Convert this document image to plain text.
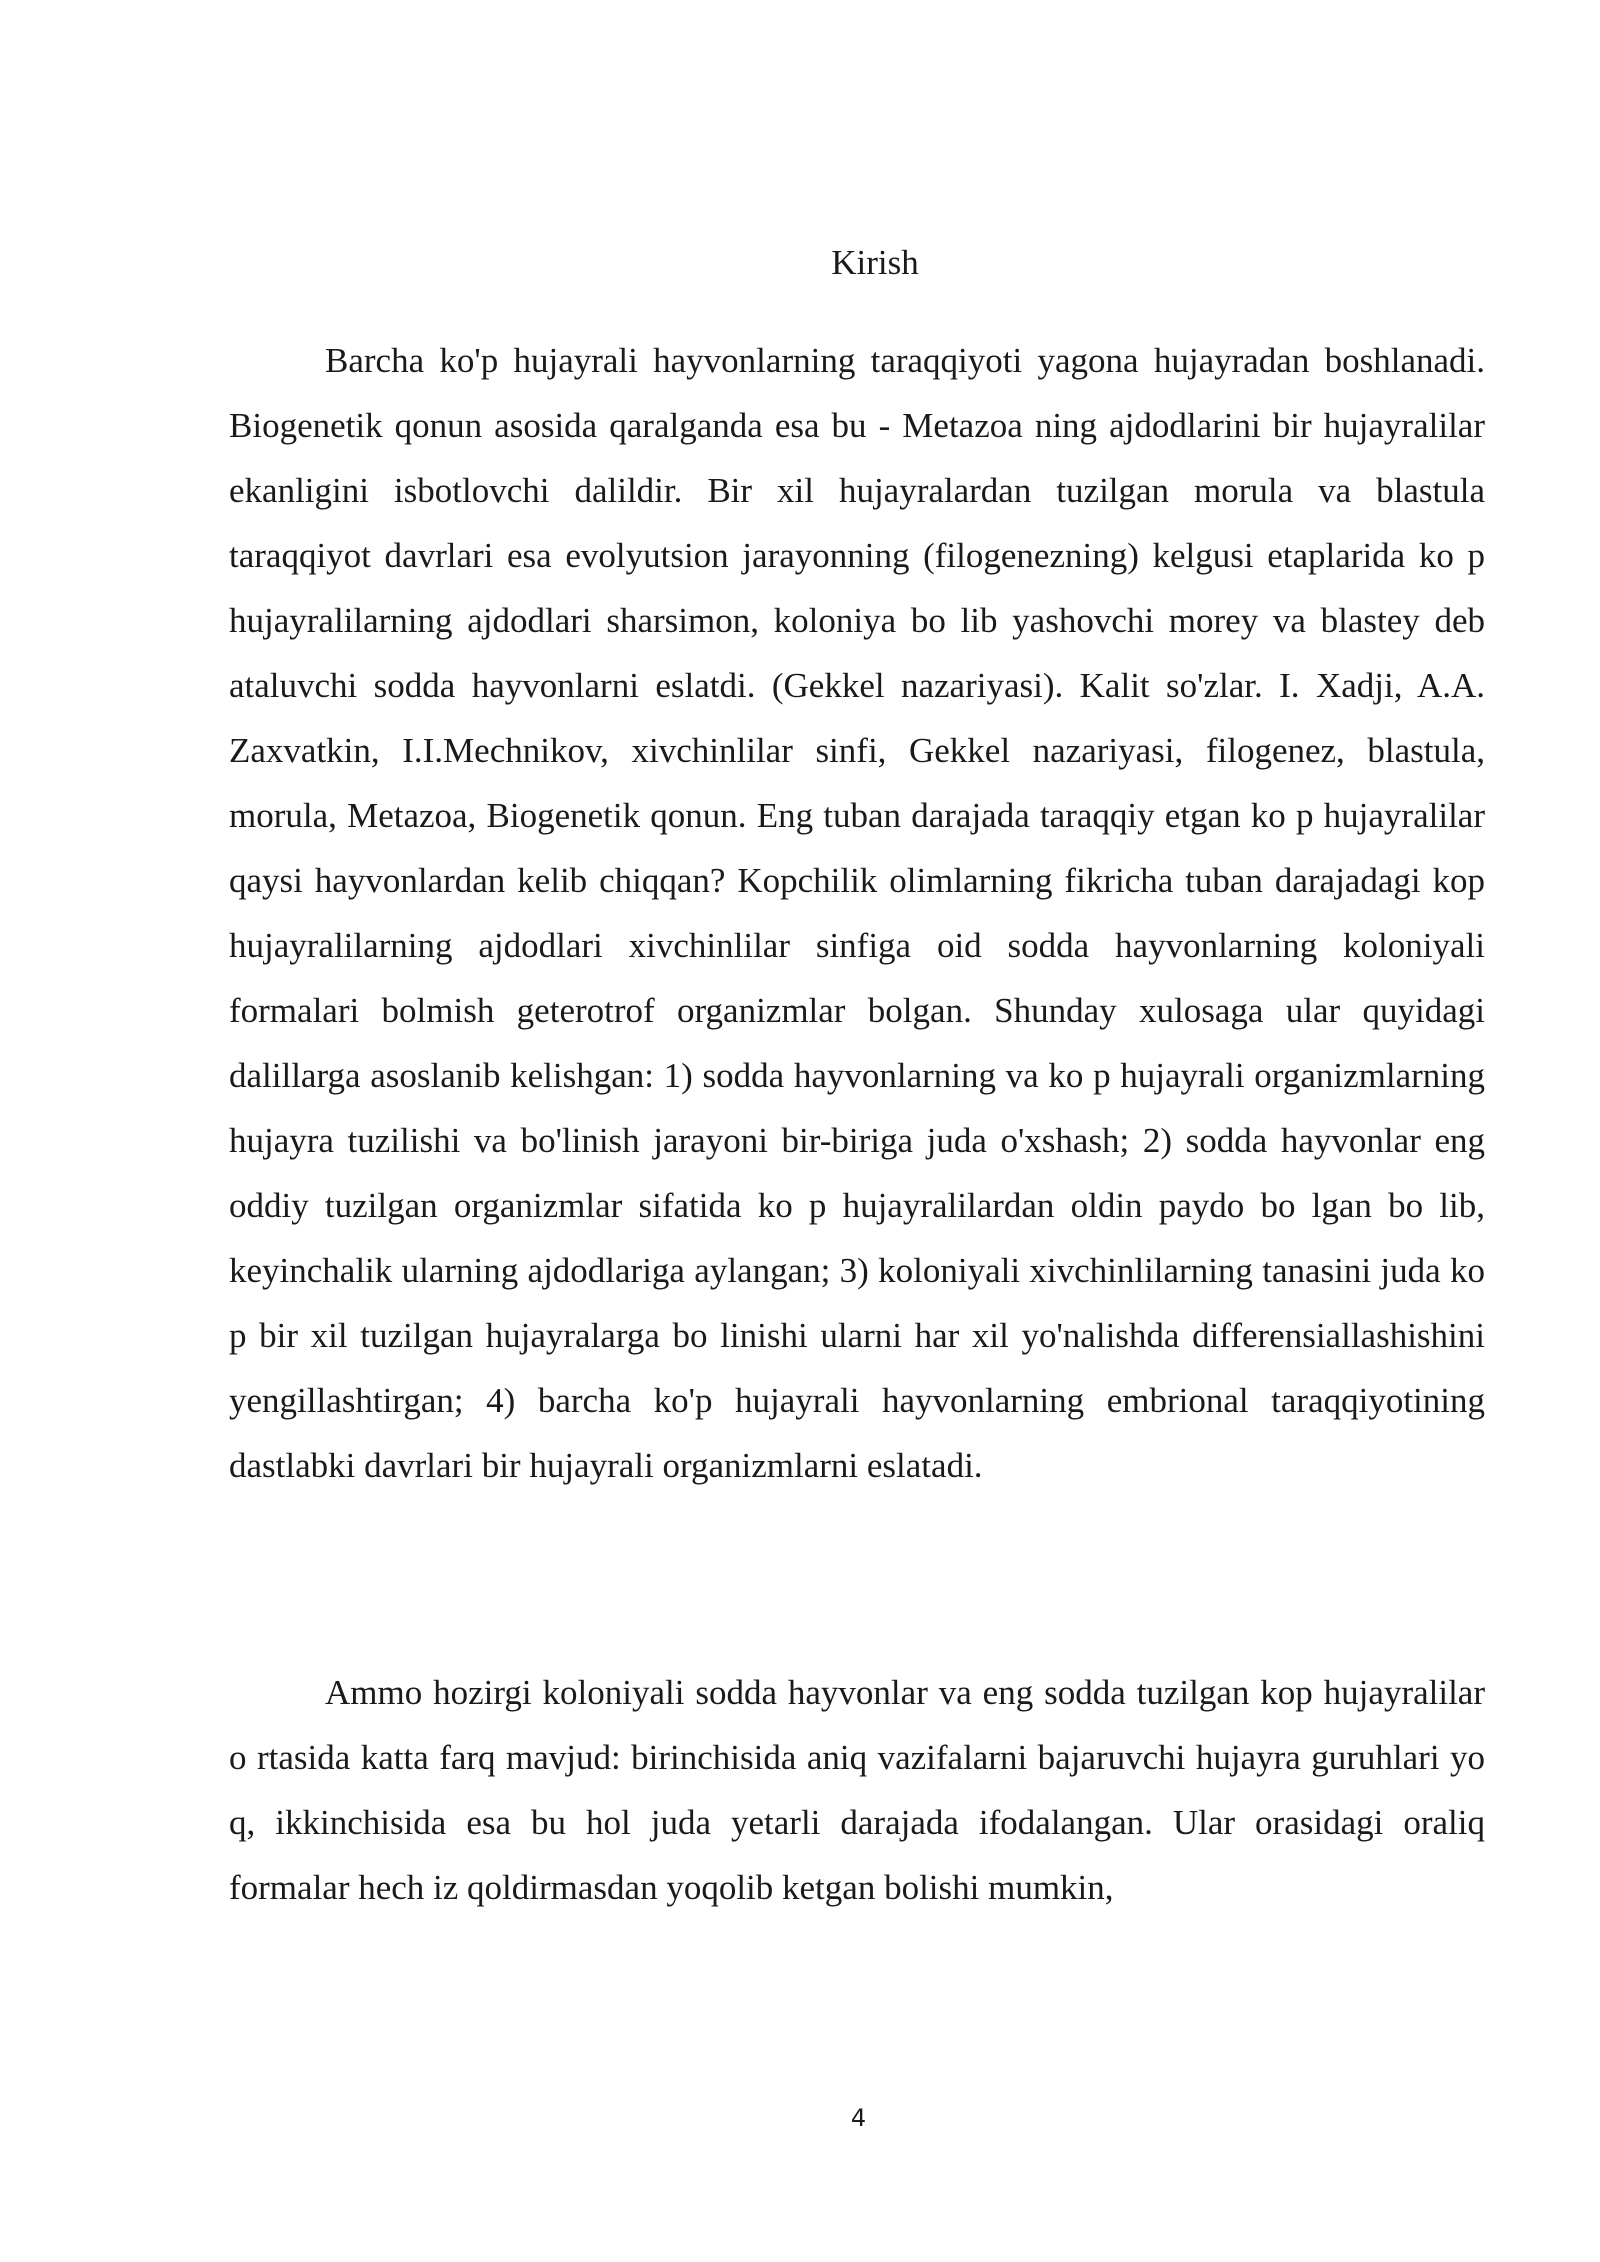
Kirish

Barcha ko'p hujayrali hayvonlarning taraqqiyoti yagona hujayradan boshlanadi. Biogenetik qonun asosida qaralganda esa bu - Metazoa ning ajdodlarini bir hujayralilar ekanligini isbotlovchi dalildir. Bir xil hujayralardan tuzilgan morula va blastula taraqqiyot davrlari esa evolyutsion jarayonning (filogenezning) kelgusi etaplarida ko p hujayralilarning ajdodlari sharsimon, koloniya bo lib yashovchi morey va blastey deb ataluvchi sodda hayvonlarni eslatdi. (Gekkel nazariyasi). Kalit so'zlar. I. Xadji, A.A. Zaxvatkin, I.I.Mechnikov, xivchinlilar sinfi, Gekkel nazariyasi, filogenez, blastula, morula, Metazoa, Biogenetik qonun. Eng tuban darajada taraqqiy etgan ko p hujayralilar qaysi hayvonlardan kelib chiqqan? Kopchilik olimlarning fikricha tuban darajadagi kop hujayralilarning ajdodlari xivchinlilar sinfiga oid sodda hayvonlarning koloniyali formalari bolmish geterotrof organizmlar bolgan. Shunday xulosaga ular quyidagi dalillarga asoslanib kelishgan: 1) sodda hayvonlarning va ko p hujayrali organizmlarning hujayra tuzilishi va bo'linish jarayoni bir-biriga juda o'xshash; 2) sodda hayvonlar eng oddiy tuzilgan organizmlar sifatida ko p hujayralilardan oldin paydo bo lgan bo lib, keyinchalik ularning ajdodlariga aylangan; 3) koloniyali xivchinlilarning tanasini juda ko p bir xil tuzilgan hujayralarga bo linishi ularni har xil yo'nalishda differensiallashishini yengillashtirgan; 4) barcha ko'p hujayrali hayvonlarning embrional taraqqiyotining dastlabki davrlari bir hujayrali organizmlarni eslatadi.

Ammo hozirgi koloniyali sodda hayvonlar va eng sodda tuzilgan kop hujayralilar o rtasida katta farq mavjud: birinchisida aniq vazifalarni bajaruvchi hujayra guruhlari yo q, ikkinchisida esa bu hol juda yetarli darajada ifodalangan. Ular orasidagi oraliq formalar hech iz qoldirmasdan yoqolib ketgan bolishi mumkin,

4
